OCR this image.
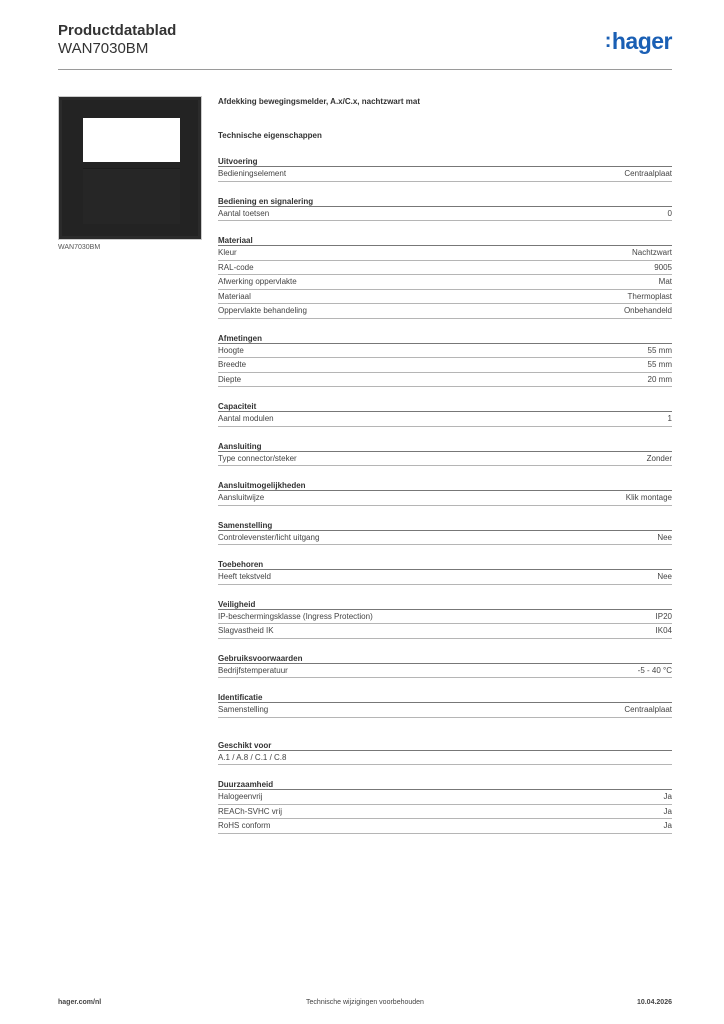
Productdatablad
WAN7030BM	:hager
WAN7030BM
Afdekking bewegingsmelder, A.x/C.x, nachtzwart mat
Technische eigenschappen
Uitvoering
Bedieningselement	Centraalplaat
Bediening en signalering
Aantal toetsen	0
Materiaal
Kleur	Nachtzwart
RAL-code	9005
Afwerking oppervlakte	Mat
Materiaal	Thermoplast
Oppervlakte behandeling	Onbehandeld
Afmetingen
Hoogte	55 mm
Breedte	55 mm
Diepte	20 mm
Capaciteit
Aantal modulen	1
Aansluiting
Type connector/steker	Zonder
Aansluitmogelijkheden
Aansluitwijze	Klik montage
Samenstelling
Controlevenster/licht uitgang	Nee
Toebehoren
Heeft tekstveld	Nee
Veiligheid
IP-beschermingsklasse (Ingress Protection)	IP20
Slagvastheid IK	IK04
Gebruiksvoorwaarden
Bedrijfstemperatuur	-5 - 40 °C
Identificatie
Samenstelling	Centraalplaat
Geschikt voor
A.1 / A.8 / C.1 / C.8
Duurzaamheid
Halogeenvrij	Ja
REACh-SVHC vrij	Ja
RoHS conform	Ja
hager.com/nl	Technische wijzigingen voorbehouden	10.04.2026
